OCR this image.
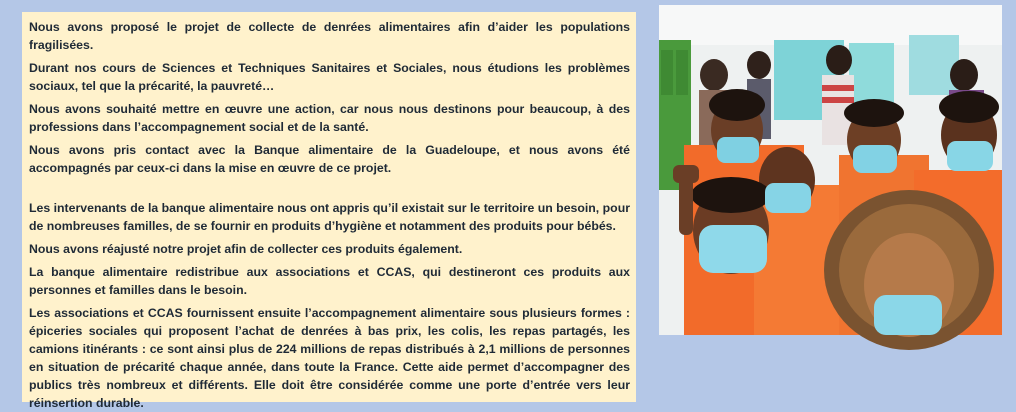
Nous avons proposé le projet de collecte de denrées alimentaires afin d’aider les populations fragilisées.

Durant nos cours de Sciences et Techniques Sanitaires et Sociales, nous étudions les problèmes sociaux, tel que la précarité, la pauvreté…

Nous avons souhaité mettre en œuvre une action, car nous nous destinons pour beaucoup, à des professions dans l’accompagnement social et de la santé.

Nous avons pris contact avec la Banque alimentaire de la Guadeloupe, et nous avons été accompagnés par ceux-ci dans la mise en œuvre de ce projet.

Les intervenants de la banque alimentaire nous ont appris qu’il existait sur le territoire un besoin, pour de nombreuses familles, de se fournir en produits d’hygiène et notamment des produits pour bébés.

Nous avons réajusté notre projet afin de collecter ces produits également.

La banque alimentaire redistribue aux associations et CCAS, qui destineront ces produits aux personnes et familles dans le besoin.

Les associations et CCAS fournissent ensuite l’accompagnement alimentaire sous plusieurs formes : épiceries sociales qui proposent l’achat de denrées à bas prix, les colis, les repas partagés, les camions itinérants : ce sont ainsi plus de 224 millions de repas distribués à 2,1 millions de personnes en situation de précarité chaque année, dans toute la France. Cette aide permet d’accompagner des publics très nombreux et différents. Elle doit être considérée comme une porte d’entrée vers leur réinsertion durable.
